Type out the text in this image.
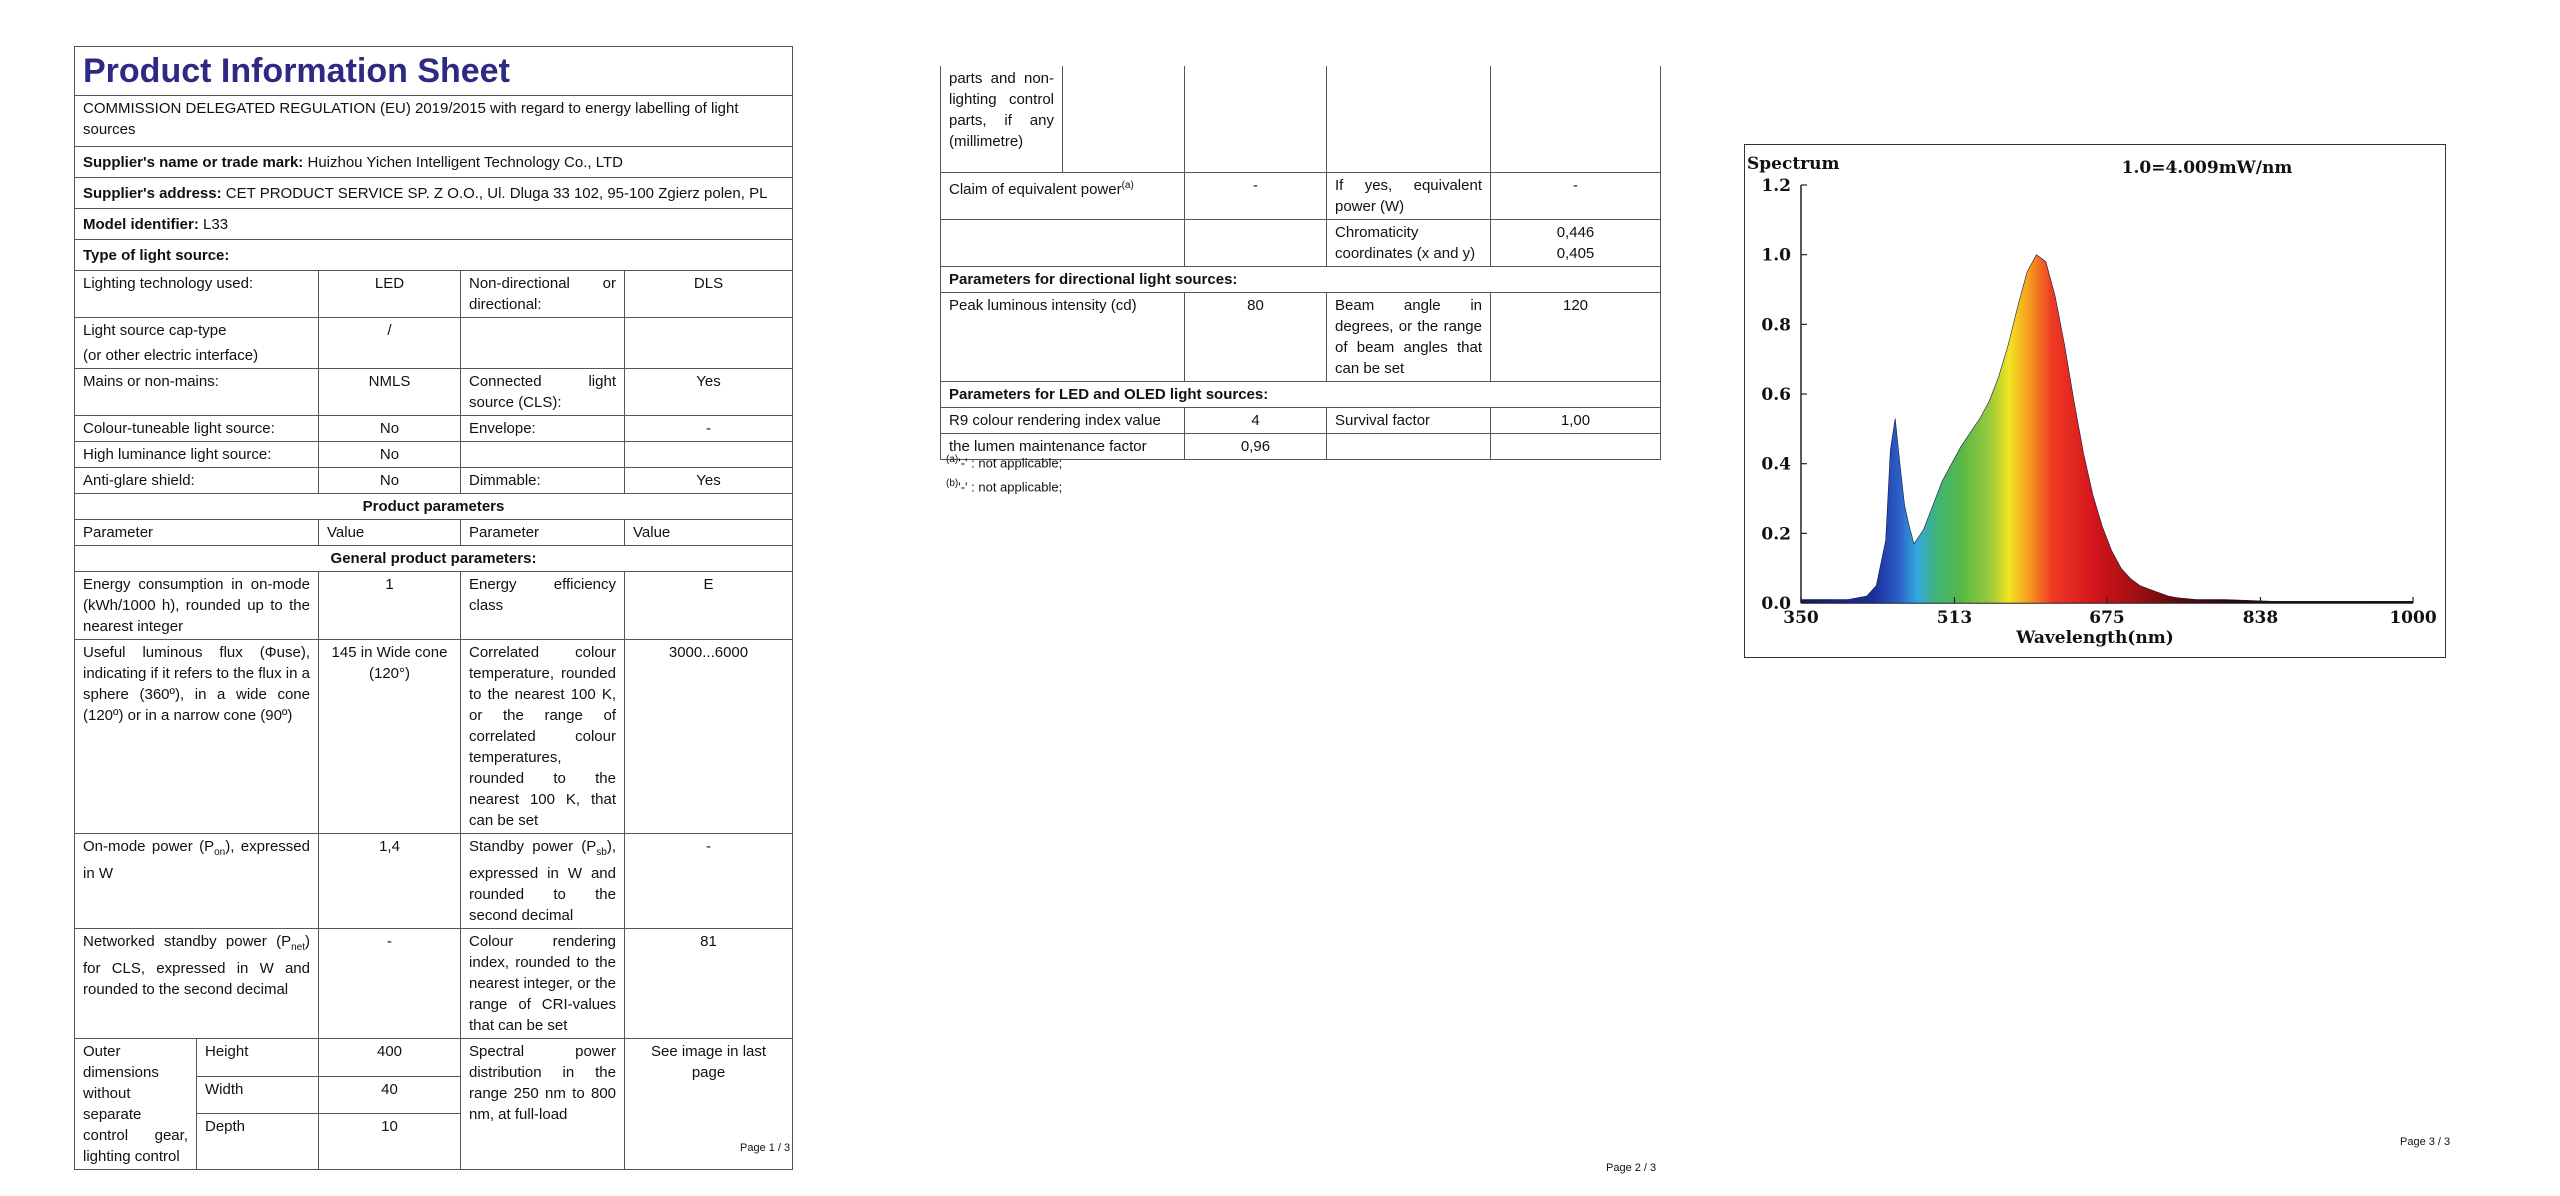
Product Information Sheet				
COMMISSION DELEGATED REGULATION (EU) 2019/2015 with regard to energy labelling of light sources				
Supplier's name or trade mark: Huizhou Yichen Intelligent Technology Co., LTD				
Supplier's address: CET PRODUCT SERVICE SP. Z O.O., Ul. Dluga 33 102, 95-100 Zgierz polen, PL				
Model identifier: L33				
Type of light source:				
Lighting technology used:		LED	Non-directional or directional:	DLS

Light source cap-type
(or other electric interface)		/		
Mains or non-mains:		NMLS	Connected light source (CLS):	Yes
Colour-tuneable light source:		No	Envelope:	-
High luminance light source:		No		
Anti-glare shield:		No	Dimmable:	Yes
Product parameters				
Parameter		Value	Parameter	Value
General product parameters:				
Energy consumption in on-mode (kWh/1000 h), rounded up to the nearest integer		1	Energy efficiency class	E
Useful luminous flux (Φuse), indicating if it refers to the flux in a sphere (360º), in a wide cone (120º) or in a narrow cone (90º)		145 in Wide cone (120°)	Correlated colour temperature, rounded to the nearest 100 K, or the range of correlated colour temperatures, rounded to the nearest 100 K, that can be set	3000...6000
On-mode power $(P_{on})$, expressed in W		1,4	Standby power $(P_{sb})$, expressed in W and rounded to the second decimal	-
Networked standby power $(P_{net})$ for CLS, expressed in W and rounded to the second decimal		-	Colour rendering index, rounded to the nearest integer, or the range of CRI-values that can be set	81
Outer dimensions without separate control gear, lighting control	Height	400	Spectral power distribution in the range 250 nm to 800 nm, at full-load	See image in last page
	Width	40		
	Depth	10		
Page 1 / 3
parts and non-lighting control parts, if any (millimetre)				
Claim of equivalent power$^{(a)}$		-	If yes, equivalent power (W)	-
			Chromaticity coordinates (x and y)	0,446
0,405

Parameters for directional light sources:				
Peak luminous intensity (cd)		80	Beam angle in degrees, or the range of beam angles that can be set	120
Parameters for LED and OLED light sources:				
R9 colour rendering index value		4	Survival factor	1,00
the lumen maintenance factor		0,96		
$^{(a)}$'-' : not applicable;
$^{(b)}$'-' : not applicable;
Page 2 / 3
Spectrum	1.0=4.009mW/nm
Wavelength(nm)
0.0
0.2
0.4
0.6
0.8
1.0
1.2
350	513	675	838	1000
Page 3 / 3
